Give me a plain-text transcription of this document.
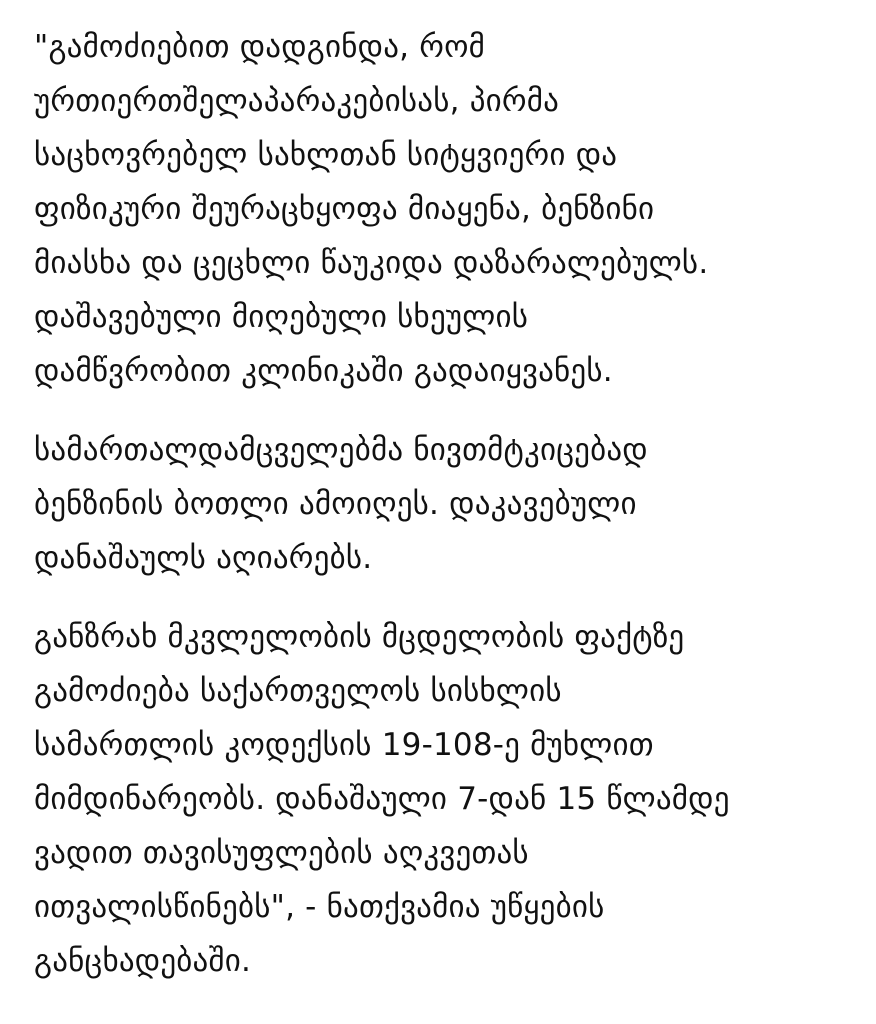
"გამოძიებით დადგინდა, რომ
ურთიერთშელაპარაკებისას, პირმა
საცხოვრებელ სახლთან სიტყვიერი და
ფიზიკური შეურაცხყოფა მიაყენა, ბენზინი
მიასხა და ცეცხლი წაუკიდა დაზარალებულს.
დაშავებული მიღებული სხეულის
დამწვრობით კლინიკაში გადაიყვანეს.
სამართალდამცველებმა ნივთმტკიცებად
ბენზინის ბოთლი ამოიღეს. დაკავებული
დანაშაულს აღიარებს.
განზრახ მკვლელობის მცდელობის ფაქტზე
გამოძიება საქართველოს სისხლის
სამართლის კოდექსის 19-108-ე მუხლით
მიმდინარეობს. დანაშაული 7-დან 15 წლამდე
ვადით თავისუფლების აღკვეთას
ითვალისწინებს", - ნათქვამია უწყების
განცხადებაში.
